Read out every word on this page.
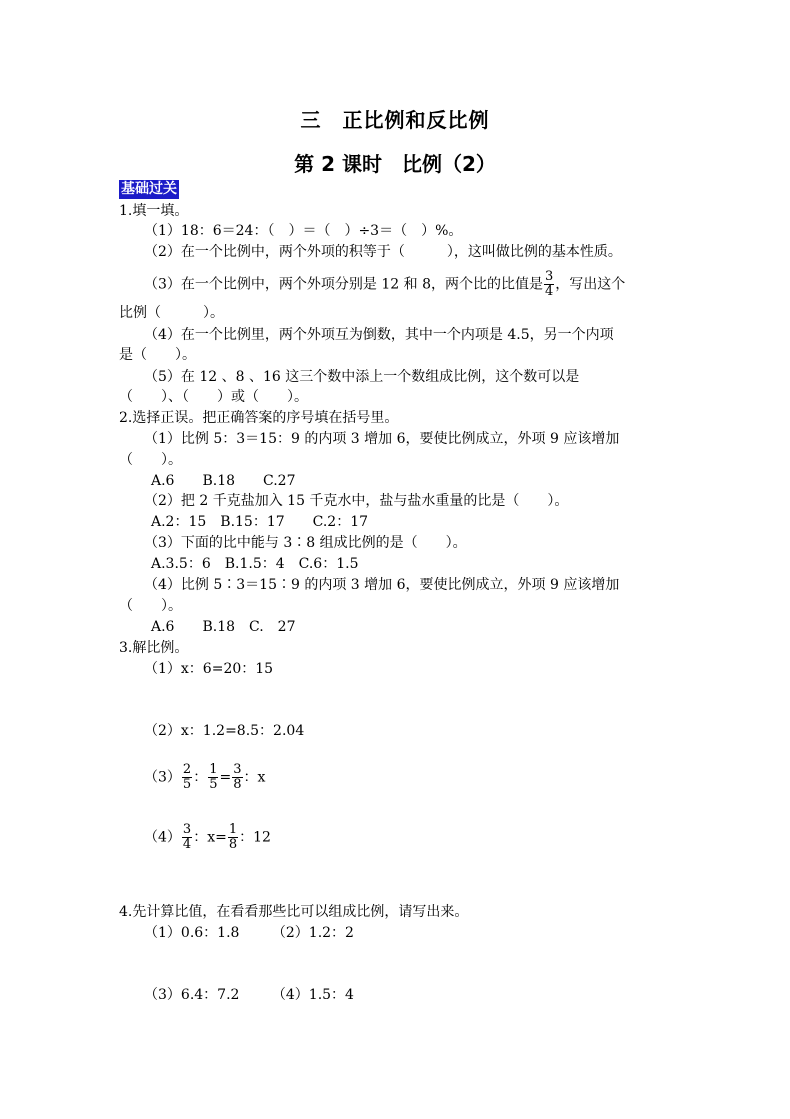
三　正比例和反比例
第 2 课时　比例（2）
基础过关
1.填一填。
（1）18：6＝24：（　）＝（　）÷3＝（　）%。
（2）在一个比例中，两个外项的积等于（　　　），这叫做比例的基本性质。
（3）在一个比例中，两个外项分别是 12 和 8，两个比的比值是 $\frac{3}{4}$ ，写出这个
比例（　　　）。
（4）在一个比例里，两个外项互为倒数，其中一个内项是 4.5，另一个内项
是（　　）。
（5）在 12 、8 、16 这三个数中添上一个数组成比例，这个数可以是
（　　）、（　　）或（　　）。
2.选择正误。把正确答案的序号填在括号里。
（1）比例 5：3＝15：9 的内项 3 增加 6，要使比例成立，外项 9 应该增加
（　　）。
A.6　　B.18　　C.27
（2）把 2 千克盐加入 15 千克水中，盐与盐水重量的比是（　　）。
A.2：15　B.15：17　　C.2：17
（3）下面的比中能与 3∶8 组成比例的是（　　）。
A.3.5：6　B.1.5：4　C.6：1.5
（4）比例 5∶3＝15∶9 的内项 3 增加 6，要使比例成立，外项 9 应该增加
（　　）。
A.6　　B.18　C.　27
3.解比例。
（1）x：6=20：15
（2）x：1.2=8.5：2.04
$(3) \frac{2}{5}$ ： $\frac{1}{5} = \frac{3}{8}$ ：x
$(4) \frac{3}{4}$ ：$x= \frac{1}{8}$ ：12
4.先计算比值，在看看那些比可以组成比例，请写出来。
（1）0.6：1.8　　 （2）1.2：2
（3）6.4：7.2　　 （4）1.5：4
